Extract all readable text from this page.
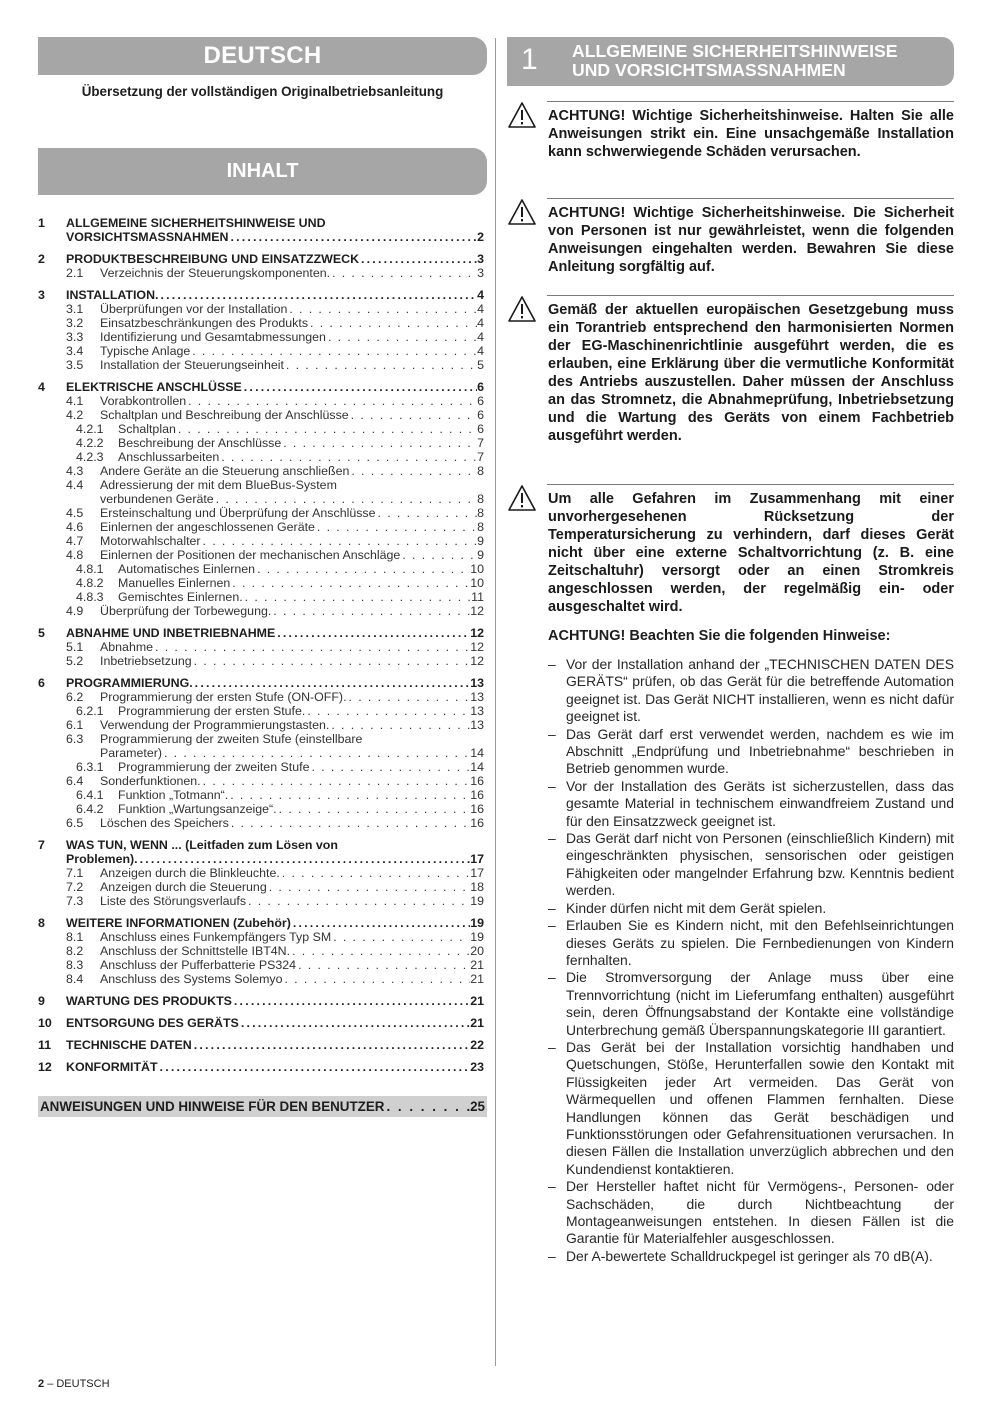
DEUTSCH
Übersetzung der vollständigen Originalbetriebsanleitung
INHALT
1 ALLGEMEINE SICHERHEITSHINWEISE UND
VORSICHTSMASSNAHMEN .....	2
2 PRODUKTBESCHREIBUNG UND EINSATZZWECK .....	3
2.1 Verzeichnis der Steuerungskomponenten. . . .	3
3 INSTALLATION. .....	4
3.1 Überprüfungen vor der Installation . . .	4
3.2 Einsatzbeschränkungen des Produkts . . .	4
3.3 Identifizierung und Gesamtabmessungen . . .	4
3.4 Typische Anlage . . .	4
3.5 Installation der Steuerungseinheit . . .	5
4 ELEKTRISCHE ANSCHLÜSSE .....	6
4.1 Vorabkontrollen . . .	6
4.2 Schaltplan und Beschreibung der Anschlüsse . . .	6
4.2.1 Schaltplan . . .	6
4.2.2 Beschreibung der Anschlüsse . . .	7
4.2.3 Anschlussarbeiten . . .	7
4.3 Andere Geräte an die Steuerung anschließen . . .	8
4.4 Adressierung der mit dem BlueBus-System
verbundenen Geräte . . .	8
4.5 Ersteinschaltung und Überprüfung der Anschlüsse . . .	8
4.6 Einlernen der angeschlossenen Geräte . . .	8
4.7 Motorwahlschalter . . .	9
4.8 Einlernen der Positionen der mechanischen Anschläge . . .	9
4.8.1 Automatisches Einlernen . . .	10
4.8.2 Manuelles Einlernen . . .	10
4.8.3 Gemischtes Einlernen. . . .	11
4.9 Überprüfung der Torbewegung. . . .	12
5 ABNAHME UND INBETRIEBNAHME .....	12
5.1 Abnahme . . .	12
5.2 Inbetriebsetzung . . .	12
6 PROGRAMMIERUNG. .....	13
6.2 Programmierung der ersten Stufe (ON-OFF). . . .	13
6.2.1 Programmierung der ersten Stufe. . . .	13
6.1 Verwendung der Programmierungstasten. . . .	13
6.3 Programmierung der zweiten Stufe (einstellbare
Parameter) . . .	14
6.3.1 Programmierung der zweiten Stufe . . .	14
6.4 Sonderfunktionen. . . .	16
6.4.1 Funktion „Totmann“. . . .	16
6.4.2 Funktion „Wartungsanzeige“. . . .	16
6.5 Löschen des Speichers . . .	16
7 WAS TUN, WENN ... (Leitfaden zum Lösen von
Problemen). .....	17
7.1 Anzeigen durch die Blinkleuchte. . . .	17
7.2 Anzeigen durch die Steuerung . . .	18
7.3 Liste des Störungsverlaufs . . .	19
8 WEITERE INFORMATIONEN (Zubehör) .....	19
8.1 Anschluss eines Funkempfängers Typ SM . . .	19
8.2 Anschluss der Schnittstelle IBT4N. . . .	20
8.3 Anschluss der Pufferbatterie PS324 . . .	21
8.4 Anschluss des Systems Solemyo . . .	21
9 WARTUNG DES PRODUKTS .....	21
10 ENTSORGUNG DES GERÄTS .....	21
11 TECHNISCHE DATEN .....	22
12 KONFORMITÄT .....	23
ANWEISUNGEN UND HINWEISE FÜR DEN BENUTZER . . .	25
2 – DEUTSCH
1 ALLGEMEINE SICHERHEITSHINWEISE
UND VORSICHTSMASSNAHMEN
ACHTUNG! Wichtige Sicherheitshinweise. Halten Sie alle Anweisungen strikt ein. Eine unsachgemäße Installation kann schwerwiegende Schäden verursachen.
ACHTUNG! Wichtige Sicherheitshinweise. Die Sicherheit von Personen ist nur gewährleistet, wenn die folgenden Anweisungen eingehalten werden. Bewahren Sie diese Anleitung sorgfältig auf.
Gemäß der aktuellen europäischen Gesetzgebung muss ein Torantrieb entsprechend den harmonisierten Normen der EG-Maschinenrichtlinie ausgeführt werden, die es erlauben, eine Erklärung über die vermutliche Konformität des Antriebs auszustellen. Daher müssen der Anschluss an das Stromnetz, die Abnahmeprüfung, Inbetriebsetzung und die Wartung des Geräts von einem Fachbetrieb ausgeführt werden.
Um alle Gefahren im Zusammenhang mit einer unvorhergesehenen Rücksetzung der Temperatursicherung zu verhindern, darf dieses Gerät nicht über eine externe Schaltvorrichtung (z. B. eine Zeitschaltuhr) versorgt oder an einen Stromkreis angeschlossen werden, der regelmäßig ein- oder ausgeschaltet wird.
ACHTUNG! Beachten Sie die folgenden Hinweise:
– Vor der Installation anhand der „TECHNISCHEN DATEN DES GERÄTS“ prüfen, ob das Gerät für die betreffende Automation geeignet ist. Das Gerät NICHT installieren, wenn es nicht dafür geeignet ist.
– Das Gerät darf erst verwendet werden, nachdem es wie im Abschnitt „Endprüfung und Inbetriebnahme“ beschrieben in Betrieb genommen wurde.
– Vor der Installation des Geräts ist sicherzustellen, dass das gesamte Material in technischem einwandfreiem Zustand und für den Einsatzzweck geeignet ist.
– Das Gerät darf nicht von Personen (einschließlich Kindern) mit eingeschränkten physischen, sensorischen oder geistigen Fähigkeiten oder mangelnder Erfahrung bzw. Kenntnis bedient werden.
– Kinder dürfen nicht mit dem Gerät spielen.
– Erlauben Sie es Kindern nicht, mit den Befehlseinrichtungen dieses Geräts zu spielen. Die Fernbedienungen von Kindern fernhalten.
– Die Stromversorgung der Anlage muss über eine Trennvorrichtung (nicht im Lieferumfang enthalten) ausgeführt sein, deren Öffnungsabstand der Kontakte eine vollständige Unterbrechung gemäß Überspannungskategorie III garantiert.
– Das Gerät bei der Installation vorsichtig handhaben und Quetschungen, Stöße, Herunterfallen sowie den Kontakt mit Flüssigkeiten jeder Art vermeiden. Das Gerät von Wärmequellen und offenen Flammen fernhalten. Diese Handlungen können das Gerät beschädigen und Funktionsstörungen oder Gefahrensituationen verursachen. In diesen Fällen die Installation unverzüglich abbrechen und den Kundendienst kontaktieren.
– Der Hersteller haftet nicht für Vermögens-, Personen- oder Sachschäden, die durch Nichtbeachtung der Montageanweisungen entstehen. In diesen Fällen ist die Garantie für Materialfehler ausgeschlossen.
– Der A-bewertete Schalldruckpegel ist geringer als 70 dB(A).
